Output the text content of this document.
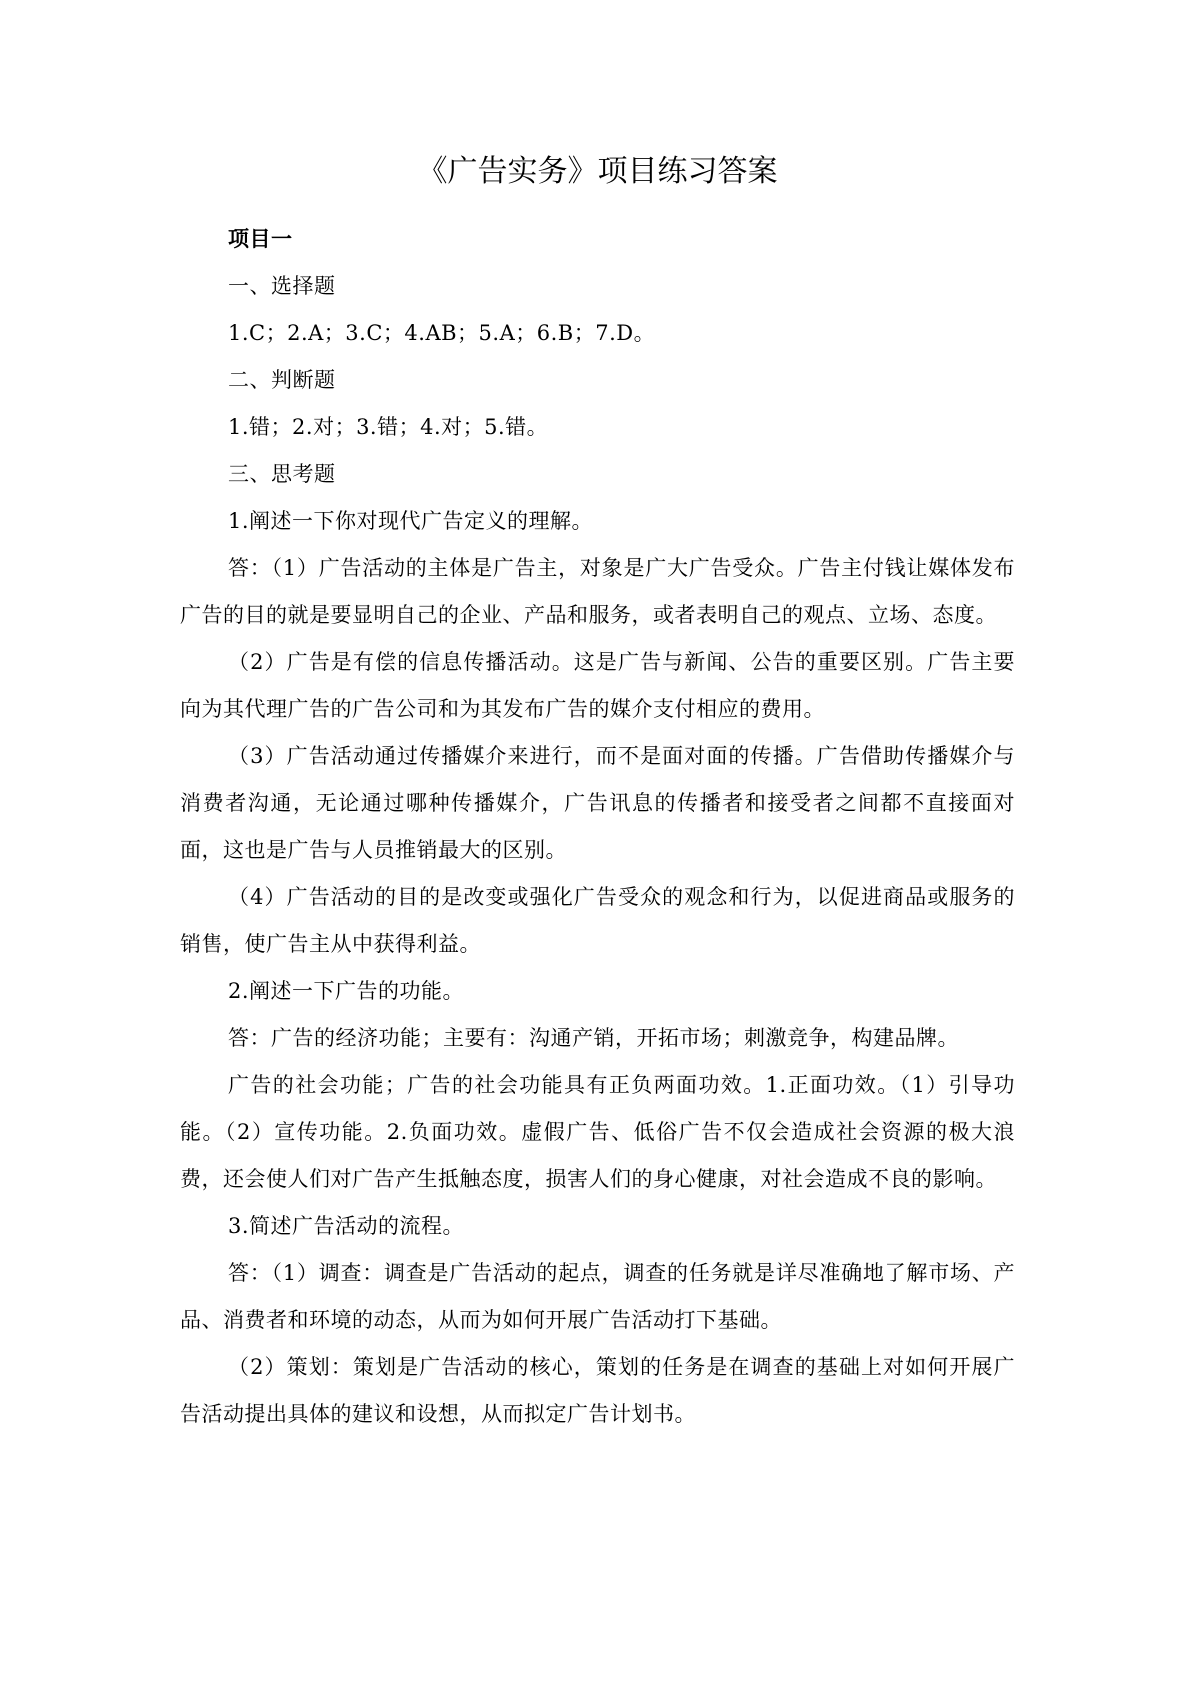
《广告实务》项目练习答案

项目一

一、选择题

1.C；2.A；3.C；4.AB；5.A；6.B；7.D。

二、判断题

1.错；2.对；3.错；4.对；5.错。

三、思考题

1.阐述一下你对现代广告定义的理解。

答：（1）广告活动的主体是广告主，对象是广大广告受众。广告主付钱让媒体发布广告的目的就是要显明自己的企业、产品和服务，或者表明自己的观点、立场、态度。

（2）广告是有偿的信息传播活动。这是广告与新闻、公告的重要区别。广告主要向为其代理广告的广告公司和为其发布广告的媒介支付相应的费用。

（3）广告活动通过传播媒介来进行，而不是面对面的传播。广告借助传播媒介与消费者沟通，无论通过哪种传播媒介，广告讯息的传播者和接受者之间都不直接面对面，这也是广告与人员推销最大的区别。

（4）广告活动的目的是改变或强化广告受众的观念和行为，以促进商品或服务的销售，使广告主从中获得利益。

2.阐述一下广告的功能。

答：广告的经济功能；主要有：沟通产销，开拓市场；刺激竞争，构建品牌。

广告的社会功能；广告的社会功能具有正负两面功效。1.正面功效。（1）引导功能。（2）宣传功能。2.负面功效。虚假广告、低俗广告不仅会造成社会资源的极大浪费，还会使人们对广告产生抵触态度，损害人们的身心健康，对社会造成不良的影响。

3.简述广告活动的流程。

答：（1）调查：调查是广告活动的起点，调查的任务就是详尽准确地了解市场、产品、消费者和环境的动态，从而为如何开展广告活动打下基础。

（2）策划：策划是广告活动的核心，策划的任务是在调查的基础上对如何开展广告活动提出具体的建议和设想，从而拟定广告计划书。
